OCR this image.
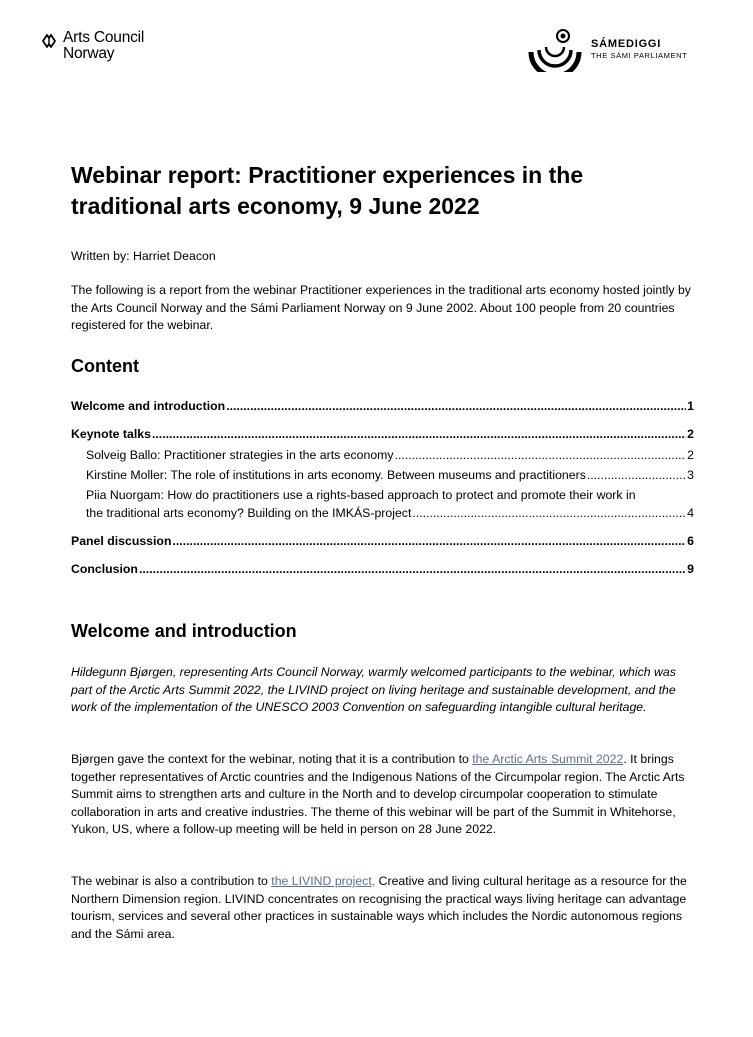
Arts Council
Norway
SÁMEDIGGI
THE SÁMI PARLIAMENT
Webinar report: Practitioner experiences in the traditional arts economy, 9 June 2022

Written by: Harriet Deacon

The following is a report from the webinar Practitioner experiences in the traditional arts economy hosted jointly by the Arts Council Norway and the Sámi Parliament Norway on 9 June 2002. About 100 people from 20 countries registered for the webinar.

Content
Welcome and introduction .....	1
Keynote talks .....	2
Solveig Ballo: Practitioner strategies in the arts economy .....	2
Kirstine Moller: The role of institutions in arts economy. Between museums and practitioners .....	3
Piia Nuorgam: How do practitioners use a rights-based approach to protect and promote their work in
the traditional arts economy? Building on the IMKÁS-project .....	4
Panel discussion .....	6
Conclusion .....	9
Welcome and introduction

Hildegunn Bjørgen, representing Arts Council Norway, warmly welcomed participants to the webinar, which was part of the Arctic Arts Summit 2022, the LIVIND project on living heritage and sustainable development, and the work of the implementation of the UNESCO 2003 Convention on safeguarding intangible cultural heritage.

Bjørgen gave the context for the webinar, noting that it is a contribution to the Arctic Arts Summit 2022. It brings together representatives of Arctic countries and the Indigenous Nations of the Circumpolar region. The Arctic Arts Summit aims to strengthen arts and culture in the North and to develop circumpolar cooperation to stimulate collaboration in arts and creative industries. The theme of this webinar will be part of the Summit in Whitehorse, Yukon, US, where a follow-up meeting will be held in person on 28 June 2022.

The webinar is also a contribution to the LIVIND project, Creative and living cultural heritage as a resource for the Northern Dimension region. LIVIND concentrates on recognising the practical ways living heritage can advantage tourism, services and several other practices in sustainable ways which includes the Nordic autonomous regions and the Sámi area.
